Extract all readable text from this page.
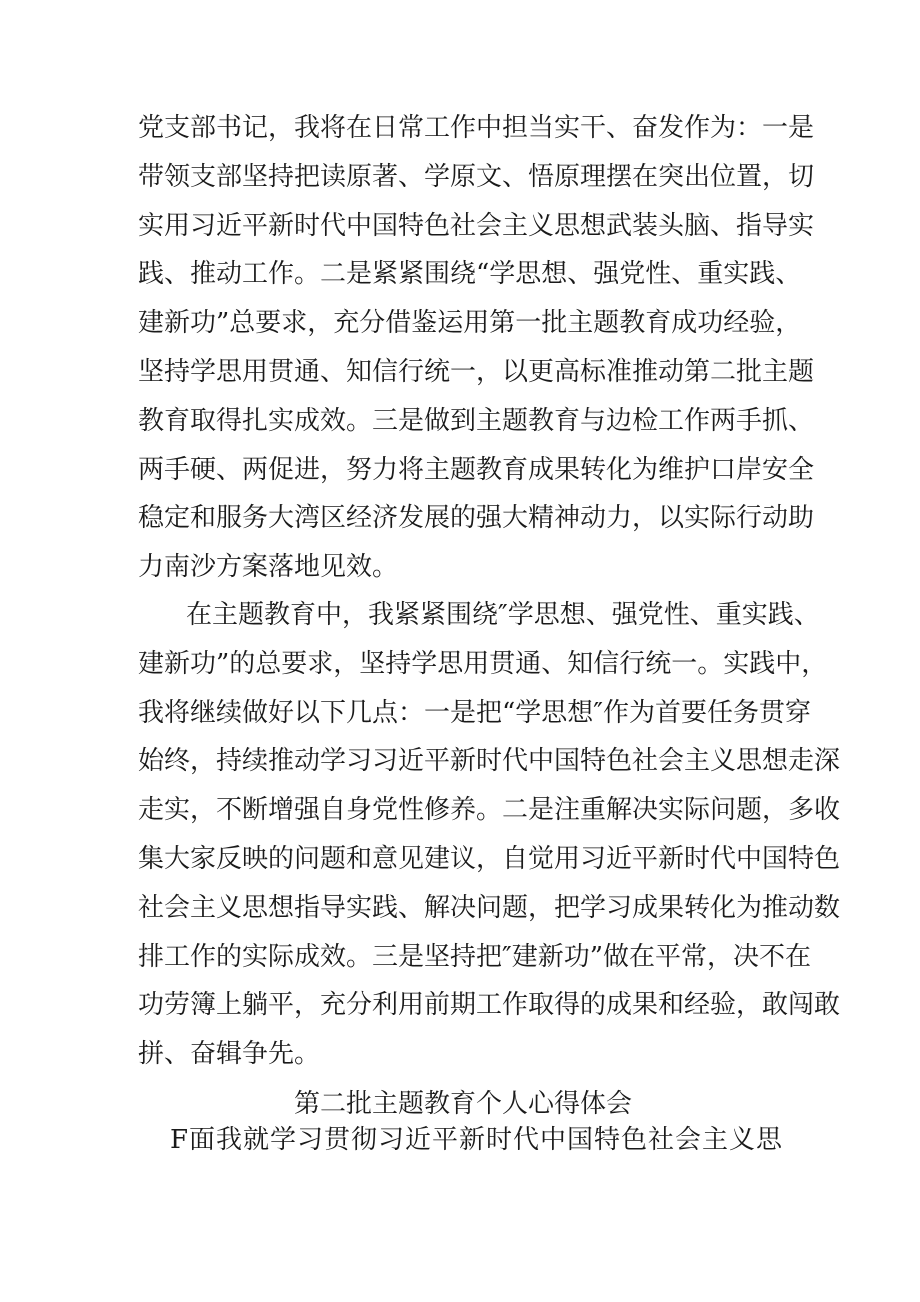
党支部书记，我将在日常工作中担当实干、奋发作为：一是
带领支部坚持把读原著、学原文、悟原理摆在突出位置，切
实用习近平新时代中国特色社会主义思想武装头脑、指导实
践、推动工作。二是紧紧围绕“学思想、强党性、重实践、
建新功”总要求，充分借鉴运用第一批主题教育成功经验，
坚持学思用贯通、知信行统一，以更高标准推动第二批主题
教育取得扎实成效。三是做到主题教育与边检工作两手抓、
两手硬、两促进，努力将主题教育成果转化为维护口岸安全
稳定和服务大湾区经济发展的强大精神动力，以实际行动助
力南沙方案落地见效。
在主题教育中，我紧紧围绕″学思想、强党性、重实践、
建新功”的总要求，坚持学思用贯通、知信行统一。实践中，
我将继续做好以下几点：一是把“学思想″作为首要任务贯穿
始终，持续推动学习习近平新时代中国特色社会主义思想走深
走实，不断增强自身党性修养。二是注重解决实际问题，多收
集大家反映的问题和意见建议，自觉用习近平新时代中国特色
社会主义思想指导实践、解决问题，把学习成果转化为推动数
排工作的实际成效。三是坚持把″建新功”做在平常，决不在
功劳簿上躺平，充分利用前期工作取得的成果和经验，敢闯敢
拼、奋辑争先。
第二批主题教育个人心得体会

F面我就学习贯彻习近平新时代中国特色社会主义思
